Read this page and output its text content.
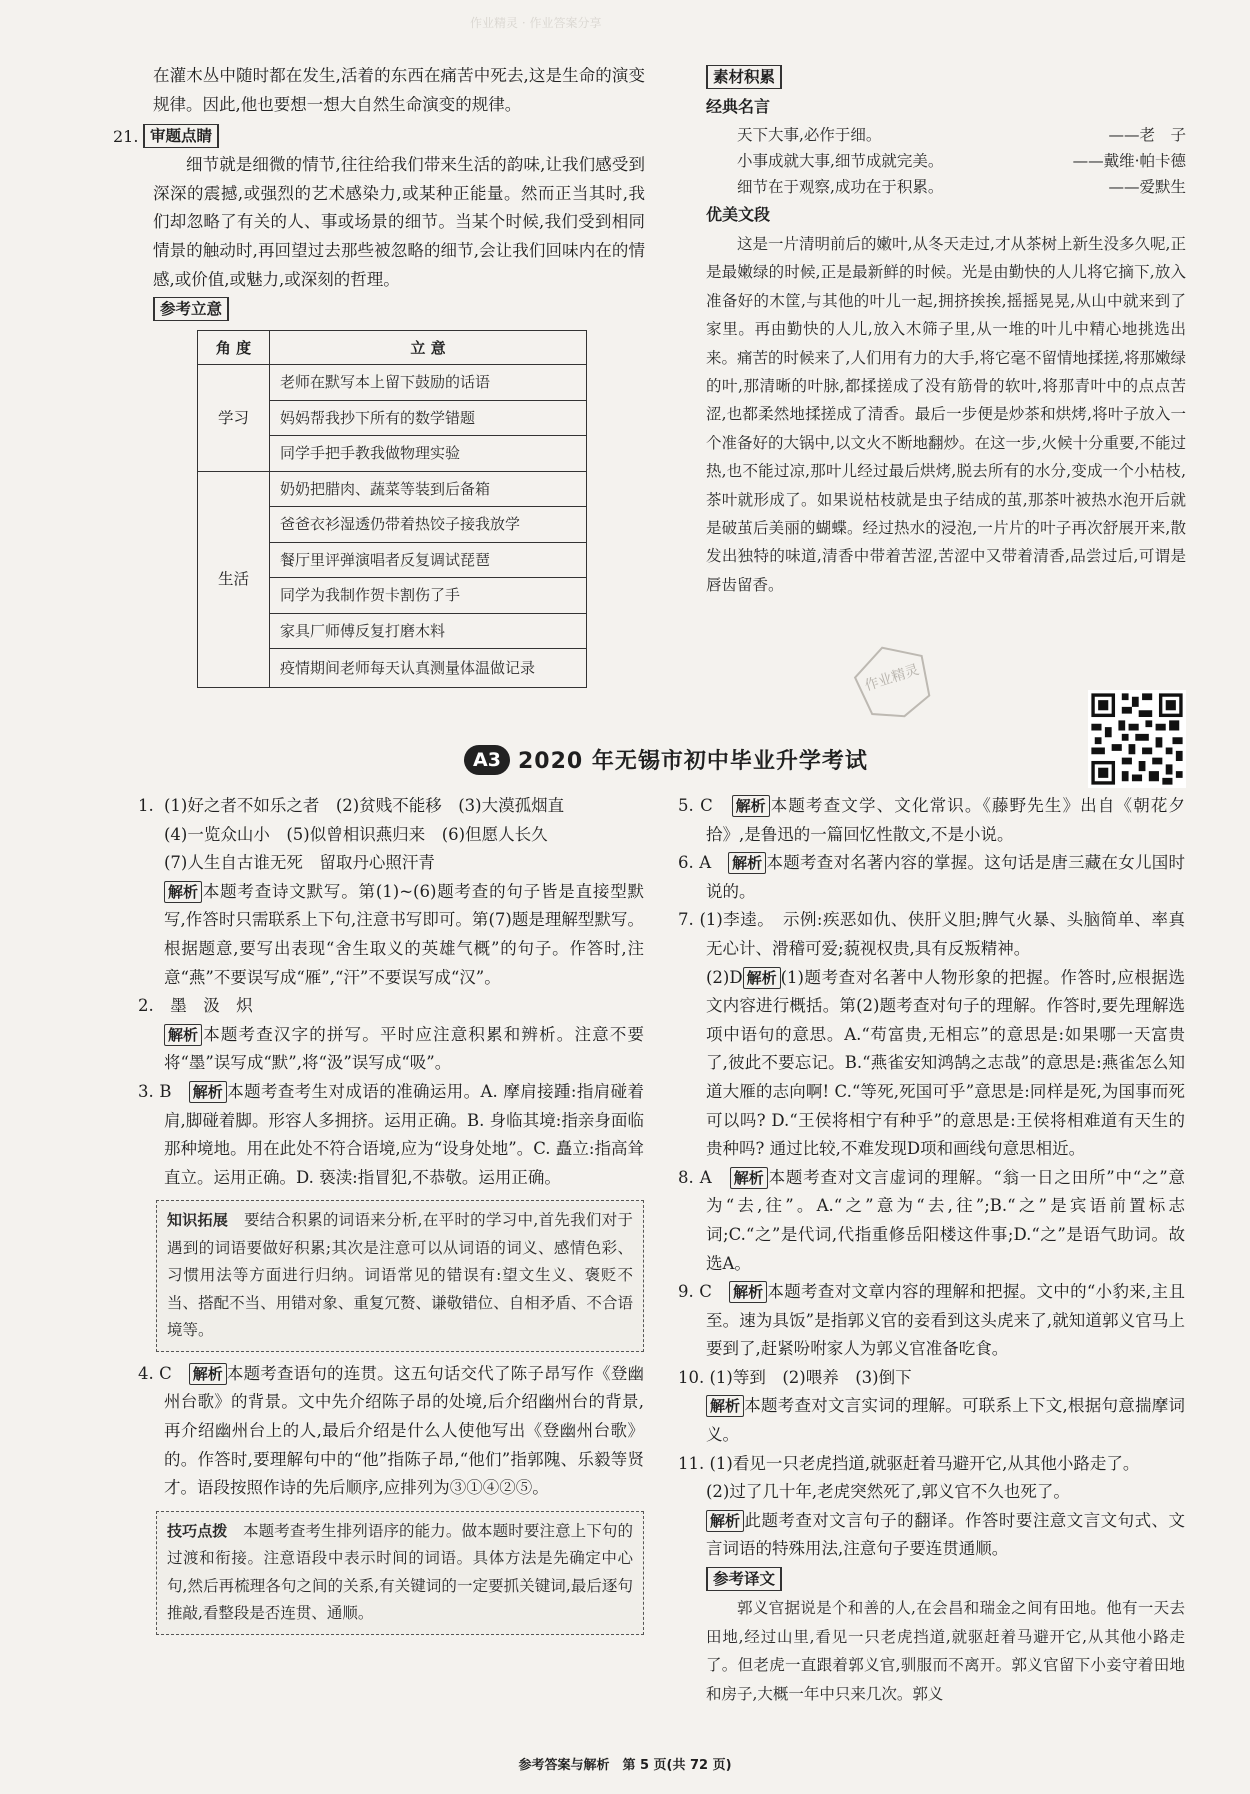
作业精灵 · 作业答案分享

在灌木丛中随时都在发生,活着的东西在痛苦中死去,这是生命的演变规律。因此,他也要想一想大自然生命演变的规律。

21. 审题点睛

细节就是细微的情节,往往给我们带来生活的韵味,让我们感受到深深的震撼,或强烈的艺术感染力,或某种正能量。然而正当其时,我们却忽略了有关的人、事或场景的细节。当某个时候,我们受到相同情景的触动时,再回望过去那些被忽略的细节,会让我们回味内在的情感,或价值,或魅力,或深刻的哲理。

参考立意
角 度	立 意
学习	老师在默写本上留下鼓励的话语
	妈妈帮我抄下所有的数学错题
	同学手把手教我做物理实验
生活	奶奶把腊肉、蔬菜等装到后备箱
	爸爸衣衫湿透仍带着热饺子接我放学
	餐厅里评弹演唱者反复调试琵琶
	同学为我制作贺卡割伤了手
	家具厂师傅反复打磨木料
	疫情期间老师每天认真测量体温做记录
素材积累
经典名言
天下大事,必作于细。	——老　子
小事成就大事,细节成就完美。	——戴维·帕卡德
细节在于观察,成功在于积累。	——爱默生
优美文段

这是一片清明前后的嫩叶,从冬天走过,才从茶树上新生没多久呢,正是最嫩绿的时候,正是最新鲜的时候。光是由勤快的人儿将它摘下,放入准备好的木筐,与其他的叶儿一起,拥挤挨挨,摇摇晃晃,从山中就来到了家里。再由勤快的人儿,放入木筛子里,从一堆的叶儿中精心地挑选出来。痛苦的时候来了,人们用有力的大手,将它毫不留情地揉搓,将那嫩绿的叶,那清晰的叶脉,都揉搓成了没有筋骨的软叶,将那青叶中的点点苦涩,也都柔然地揉搓成了清香。最后一步便是炒茶和烘烤,将叶子放入一个准备好的大锅中,以文火不断地翻炒。在这一步,火候十分重要,不能过热,也不能过凉,那叶儿经过最后烘烤,脱去所有的水分,变成一个小枯枝,茶叶就形成了。如果说枯枝就是虫子结成的茧,那茶叶被热水泡开后就是破茧后美丽的蝴蝶。经过热水的浸泡,一片片的叶子再次舒展开来,散发出独特的味道,清香中带着苦涩,苦涩中又带着清香,品尝过后,可谓是唇齿留香。

作业精灵
A3 2020 年无锡市初中毕业升学考试
1. (1)好之者不如乐之者　(2)贫贱不能移　(3)大漠孤烟直

(4)一览众山小　(5)似曾相识燕归来　(6)但愿人长久

(7)人生自古谁无死　留取丹心照汗青

解析 本题考查诗文默写。第(1)~(6)题考查的句子皆是直接型默写,作答时只需联系上下句,注意书写即可。第(7)题是理解型默写。根据题意,要写出表现“舍生取义的英雄气概”的句子。作答时,注意“燕”不要误写成“雁”,“汗”不要误写成“汉”。

2.　墨　汲　炽

解析 本题考查汉字的拼写。平时应注意积累和辨析。注意不要将“墨”误写成“默”,将“汲”误写成“吸”。

3. B　 解析 本题考查考生对成语的准确运用。A. 摩肩接踵:指肩碰着肩,脚碰着脚。形容人多拥挤。运用正确。B. 身临其境:指亲身面临那种境地。用在此处不符合语境,应为“设身处地”。C. 矗立:指高耸直立。运用正确。D. 亵渎:指冒犯,不恭敬。运用正确。

知识拓展　 要结合积累的词语来分析,在平时的学习中,首先我们对于遇到的词语要做好积累;其次是注意可以从词语的词义、感情色彩、习惯用法等方面进行归纳。词语常见的错误有:望文生义、褒贬不当、搭配不当、用错对象、重复冗赘、谦敬错位、自相矛盾、不合语境等。

4. C　 解析 本题考查语句的连贯。这五句话交代了陈子昂写作《登幽州台歌》的背景。文中先介绍陈子昂的处境,后介绍幽州台的背景,再介绍幽州台上的人,最后介绍是什么人使他写出《登幽州台歌》的。作答时,要理解句中的“他”指陈子昂,“他们”指郭隗、乐毅等贤才。语段按照作诗的先后顺序,应排列为③①④②⑤。

技巧点拨　 本题考查考生排列语序的能力。做本题时要注意上下句的过渡和衔接。注意语段中表示时间的词语。具体方法是先确定中心句,然后再梳理各句之间的关系,有关键词的一定要抓关键词,最后逐句推敲,看整段是否连贯、通顺。

5. C　 解析 本题考查文学、文化常识。《藤野先生》出自《朝花夕拾》,是鲁迅的一篇回忆性散文,不是小说。

6. A　 解析 本题考查对名著内容的掌握。这句话是唐三藏在女儿国时说的。

7. (1)李逵。　示例:疾恶如仇、侠肝义胆;脾气火暴、头脑简单、率真无心计、滑稽可爱;藐视权贵,具有反叛精神。

(2)D 解析 (1)题考查对名著中人物形象的把握。作答时,应根据选文内容进行概括。第(2)题考查对句子的理解。作答时,要先理解选项中语句的意思。A.“苟富贵,无相忘”的意思是:如果哪一天富贵了,彼此不要忘记。B.“燕雀安知鸿鹄之志哉”的意思是:燕雀怎么知道大雁的志向啊! C.“等死,死国可乎”意思是:同样是死,为国事而死可以吗? D.“王侯将相宁有种乎”的意思是:王侯将相难道有天生的贵种吗? 通过比较,不难发现D项和画线句意思相近。

8. A　 解析 本题考查对文言虚词的理解。“翁一日之田所”中“之”意为“去,往”。A.“之”意为“去,往”;B.“之”是宾语前置标志词;C.“之”是代词,代指重修岳阳楼这件事;D.“之”是语气助词。故选A。

9. C　 解析 本题考查对文章内容的理解和把握。文中的“小豹来,主且至。速为具饭”是指郭义官的妾看到这头虎来了,就知道郭义官马上要到了,赶紧吩咐家人为郭义官准备吃食。

10. (1)等到　(2)喂养　(3)倒下

解析 本题考查对文言实词的理解。可联系上下文,根据句意揣摩词义。

11. (1)看见一只老虎挡道,就驱赶着马避开它,从其他小路走了。

(2)过了几十年,老虎突然死了,郭义官不久也死了。

解析 此题考查对文言句子的翻译。作答时要注意文言文句式、文言词语的特殊用法,注意句子要连贯通顺。

参考译文

郭义官据说是个和善的人,在会昌和瑞金之间有田地。他有一天去田地,经过山里,看见一只老虎挡道,就驱赶着马避开它,从其他小路走了。但老虎一直跟着郭义官,驯服而不离开。郭义官留下小妾守着田地和房子,大概一年中只来几次。郭义

参考答案与解析　第 5 页(共 72 页)
